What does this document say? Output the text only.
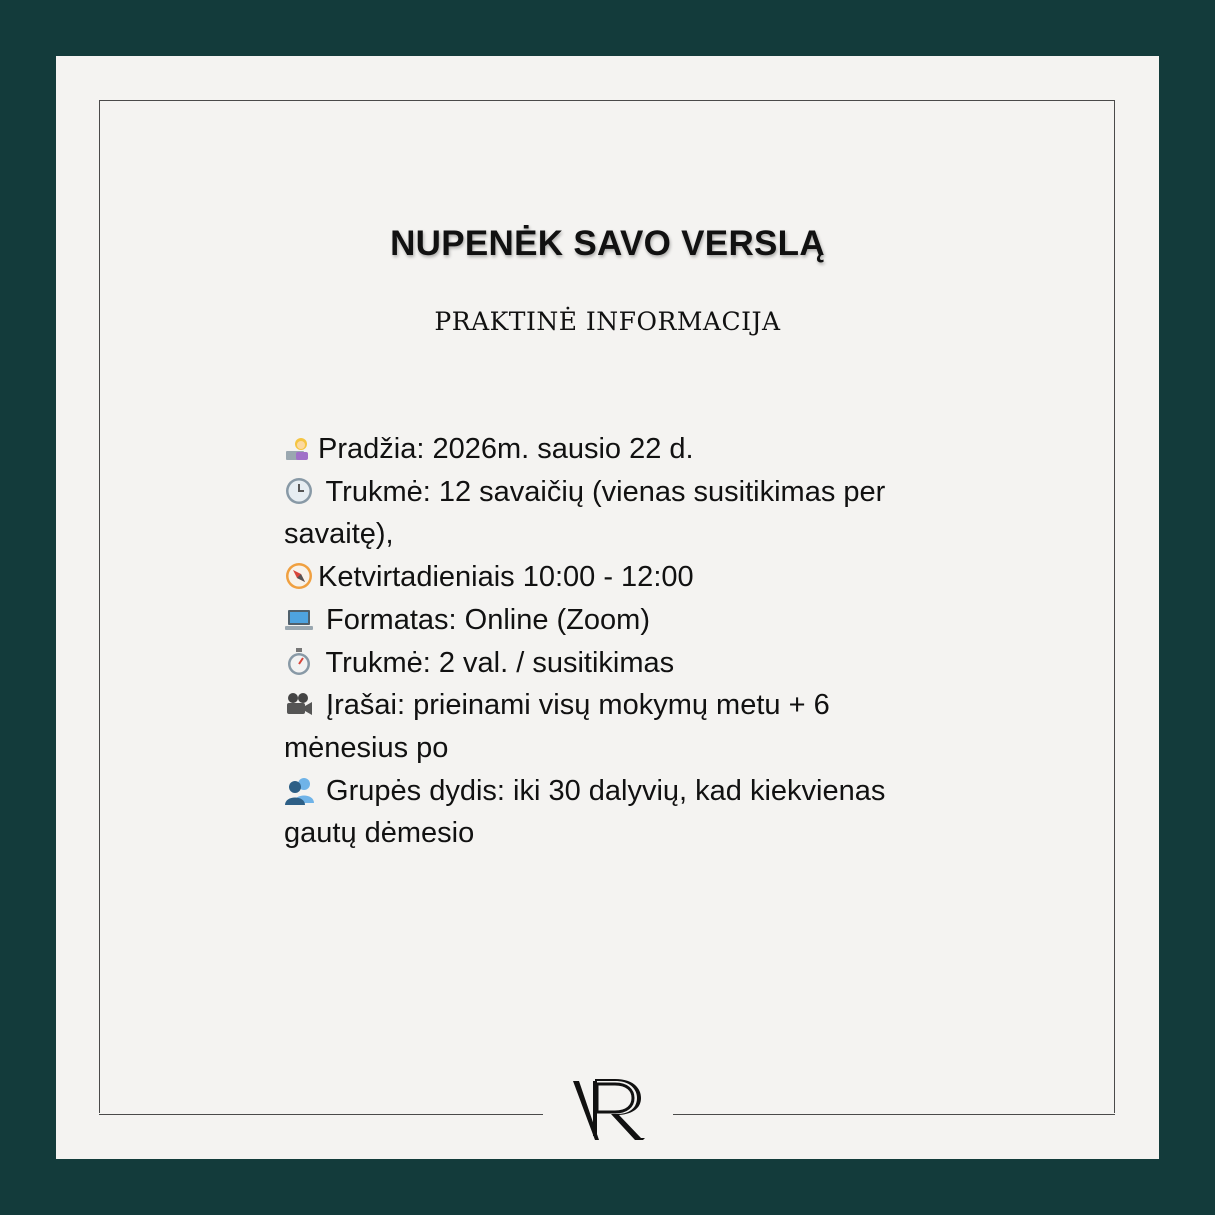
NUPENĖK SAVO VERSLĄ
PRAKTINĖ INFORMACIJA
Pradžia: 2026m. sausio 22 d.
Trukmė: 12 savaičių (vienas susitikimas per savaitę),
Ketvirtadieniais 10:00 - 12:00
Formatas: Online (Zoom)
Trukmė: 2 val. / susitikimas
Įrašai: prieinami visų mokymų metu + 6 mėnesius po
Grupės dydis: iki 30 dalyvių, kad kiekvienas gautų dėmesio
